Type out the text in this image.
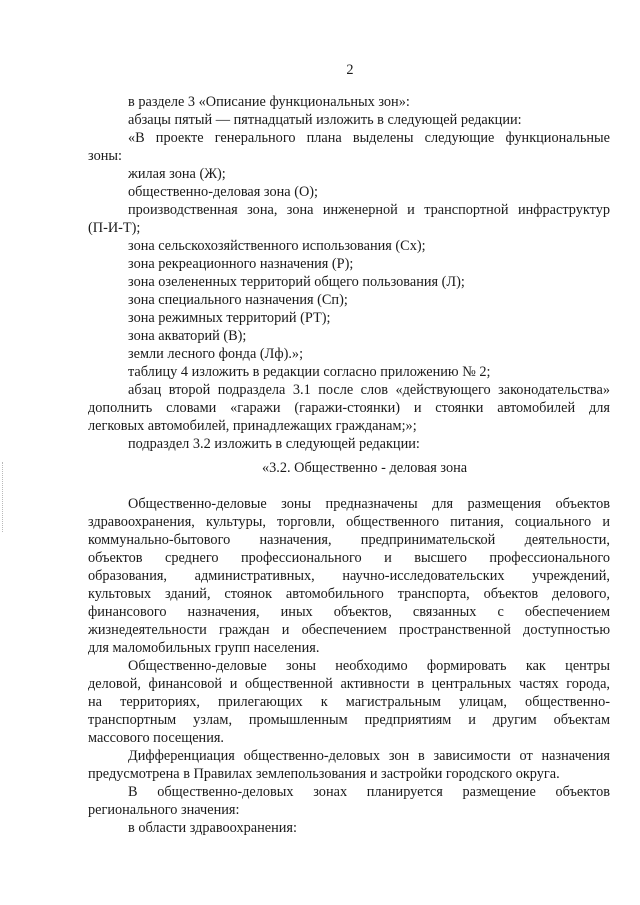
2
в разделе 3 «Описание функциональных зон»:
абзацы пятый — пятнадцатый изложить в следующей редакции:
«В проекте генерального плана выделены следующие функциональные
зоны:
жилая зона (Ж);
общественно-деловая зона (О);
производственная зона, зона инженерной и транспортной инфраструктур
(П-И-Т);
зона сельскохозяйственного использования (Сх);
зона рекреационного назначения (Р);
зона озелененных территорий общего пользования (Л);
зона специального назначения (Сп);
зона режимных территорий (РТ);
зона акваторий (В);
земли лесного фонда (Лф).»;
таблицу 4 изложить в редакции согласно приложению № 2;
абзац второй подраздела 3.1 после слов «действующего законодательства»
дополнить словами «гаражи (гаражи-стоянки) и стоянки автомобилей для
легковых автомобилей, принадлежащих гражданам;»;
подраздел 3.2 изложить в следующей редакции:
«3.2. Общественно - деловая зона
Общественно-деловые зоны предназначены для размещения объектов
здравоохранения, культуры, торговли, общественного питания, социального и
коммунально-бытового назначения, предпринимательской деятельности,
объектов среднего профессионального и высшего профессионального
образования, административных, научно-исследовательских учреждений,
культовых зданий, стоянок автомобильного транспорта, объектов делового,
финансового назначения, иных объектов, связанных с обеспечением
жизнедеятельности граждан и обеспечением пространственной доступностью
для маломобильных групп населения.
Общественно-деловые зоны необходимо формировать как центры
деловой, финансовой и общественной активности в центральных частях города,
на территориях, прилегающих к магистральным улицам, общественно-
транспортным узлам, промышленным предприятиям и другим объектам
массового посещения.
Дифференциация общественно-деловых зон в зависимости от назначения
предусмотрена в Правилах землепользования и застройки городского округа.
В общественно-деловых зонах планируется размещение объектов
регионального значения:
в области здравоохранения:
